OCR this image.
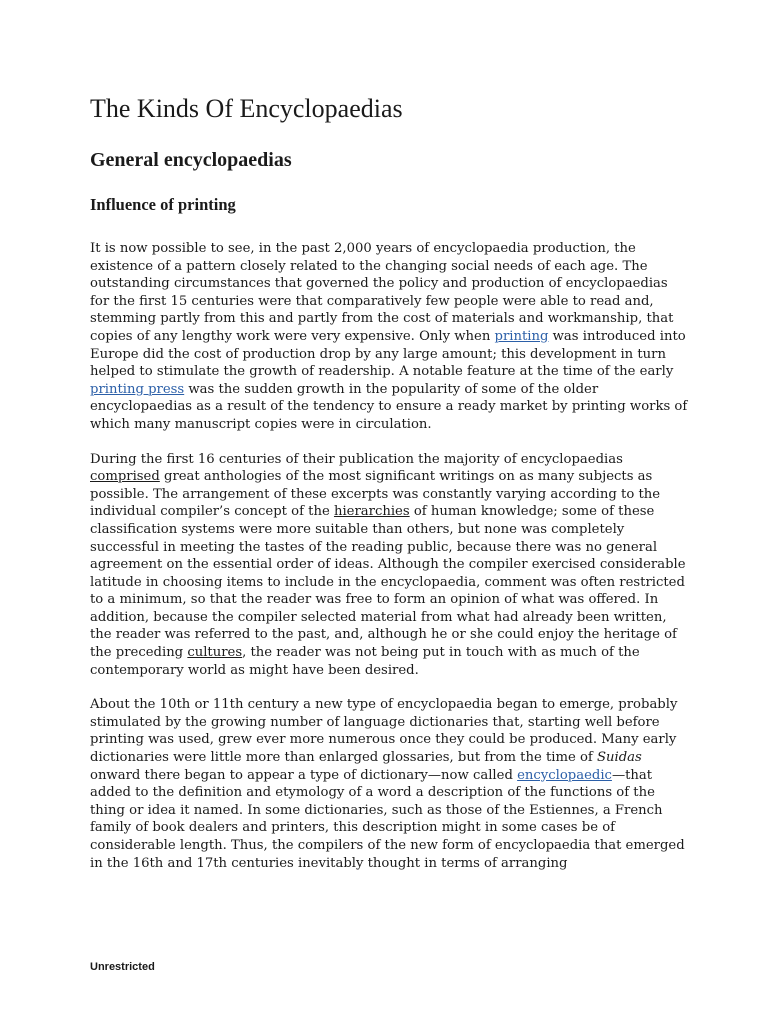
The Kinds Of Encyclopaedias
General encyclopaedias
Influence of printing

It is now possible to see, in the past 2,000 years of encyclopaedia production, the existence of a pattern closely related to the changing social needs of each age. The outstanding circumstances that governed the policy and production of encyclopaedias for the first 15 centuries were that comparatively few people were able to read and, stemming partly from this and partly from the cost of materials and workmanship, that copies of any lengthy work were very expensive. Only when printing was introduced into Europe did the cost of production drop by any large amount; this development in turn helped to stimulate the growth of readership. A notable feature at the time of the early printing press was the sudden growth in the popularity of some of the older encyclopaedias as a result of the tendency to ensure a ready market by printing works of which many manuscript copies were in circulation.

During the first 16 centuries of their publication the majority of encyclopaedias comprised great anthologies of the most significant writings on as many subjects as possible. The arrangement of these excerpts was constantly varying according to the individual compiler’s concept of the hierarchies of human knowledge; some of these classification systems were more suitable than others, but none was completely successful in meeting the tastes of the reading public, because there was no general agreement on the essential order of ideas. Although the compiler exercised considerable latitude in choosing items to include in the encyclopaedia, comment was often restricted to a minimum, so that the reader was free to form an opinion of what was offered. In addition, because the compiler selected material from what had already been written, the reader was referred to the past, and, although he or she could enjoy the heritage of the preceding cultures, the reader was not being put in touch with as much of the contemporary world as might have been desired.

About the 10th or 11th century a new type of encyclopaedia began to emerge, probably stimulated by the growing number of language dictionaries that, starting well before printing was used, grew ever more numerous once they could be produced. Many early dictionaries were little more than enlarged glossaries, but from the time of Suidas onward there began to appear a type of dictionary—now called encyclopaedic—that added to the definition and etymology of a word a description of the functions of the thing or idea it named. In some dictionaries, such as those of the Estiennes, a French family of book dealers and printers, this description might in some cases be of considerable length. Thus, the compilers of the new form of encyclopaedia that emerged in the 16th and 17th centuries inevitably thought in terms of arranging

Unrestricted
